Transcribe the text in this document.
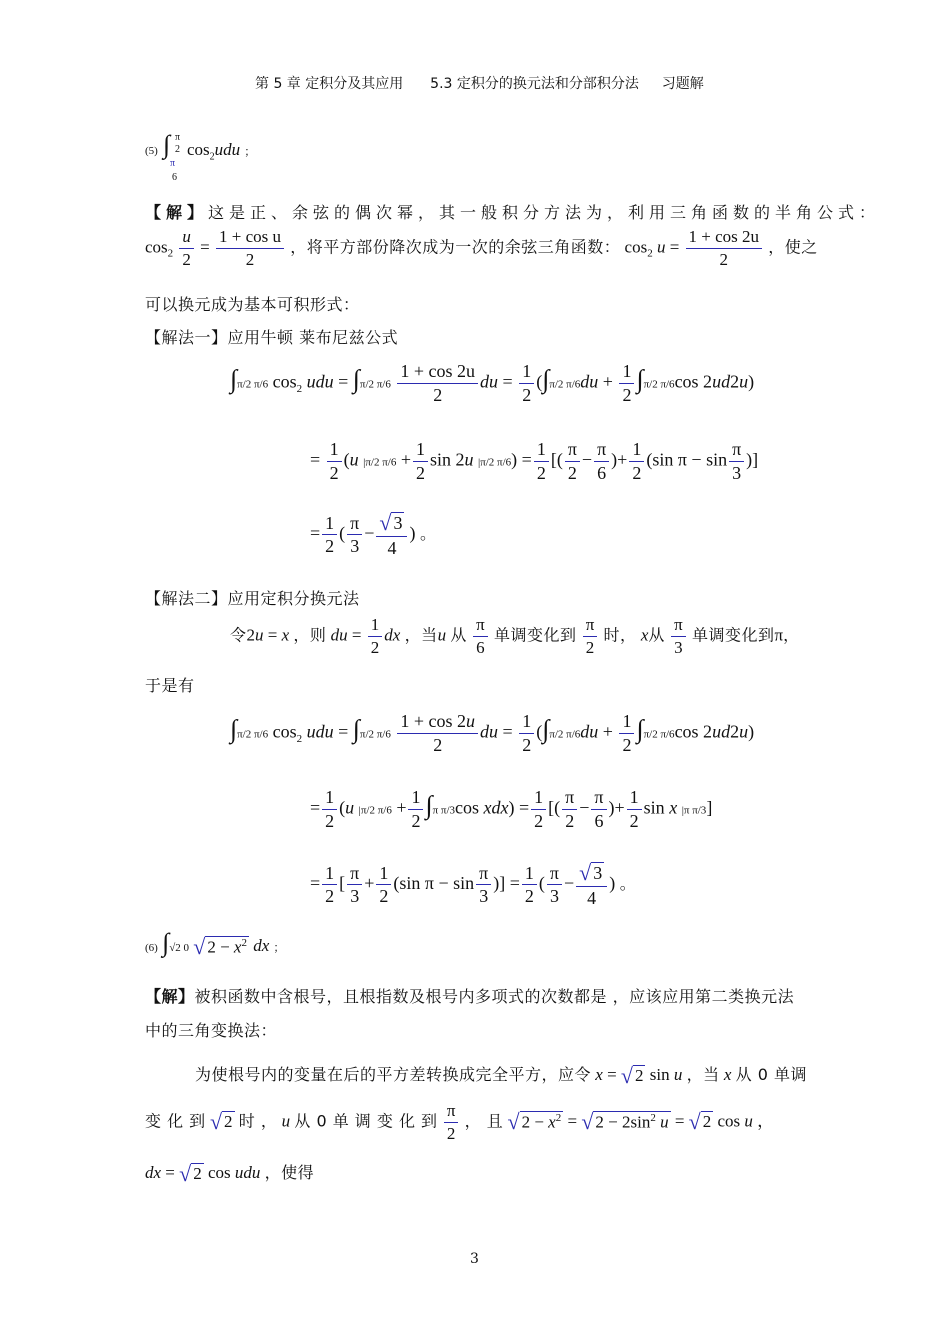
第 5 章 定积分及其应用 5.3 定积分的换元法和分部积分法 习题解
(5) ∫ π
2
π
6
$\cos_2udu$ ；
【解】这是正、余弦的偶次幂，其一般积分方法为，利用三角函数的半角公式：
$\cos_2 \frac{u}{2} = \frac{\text{1 + cos u}}{2}$ ，将平方部份降次成为一次的余弦三角函数： $\cos_2 u = \frac{1 + \cos 2u}{2}$ ，使之
可以换元成为基本可积形式：
【解法一】应用牛顿 莱布尼兹公式
∫π/2 π/6 $\cos_2$ udu = ∫π/2 $\pi/6 \frac{1 + \cos 2u}{2}$ du = $\frac{1}{2} (\int\pi/2$ $\pi/6du + \frac{1}{2} \int\pi/2$ π/6cos 2ud2u)
= $\frac{1}{2} (u$ |π/2 $\pi/6 + \frac{1}{2}$ sin 2u |π/2 $\pi/6) = \frac{1}{2}$ [( $\frac{\pi}{2} - \frac{\pi}{6}$ )+ $\frac{1}{2} (\sin$ $\pi - \sin \frac{\pi}{3}$ )]
= $\frac{1}{2}$ ( $\frac{\pi}{3} - \frac{√ 3}{4}$ ) 。
【解法二】应用定积分换元法
令2u = x ，则 du = $\frac{1}{2}$ dx ，当u 从 $\frac{\pi}{6}$ 单调变化到 $\frac{\pi}{2}$ 时， x从 $\frac{\pi}{3}$ 单调变化到π，
于是有
∫π/2 π/6 $\cos_2$ udu = ∫π/2 $\pi/6 \frac{1 + \cos 2u}{2}$ du = $\frac{1}{2} (\int\pi/2$ $\pi/6du + \frac{1}{2} \int\pi/2$ π/6cos 2ud2u)
= $\frac{1}{2} (u$ |π/2 $\pi/6 + \frac{1}{2} \int\pi$ π/3cos $xdx) = \frac{1}{2}$ [( $\frac{\pi}{2} - \frac{\pi}{6}$ )+ $\frac{1}{2}$ sin x |π π/3]
= $\frac{1}{2}$ [ $\frac{\pi}{3} + \frac{1}{2} (\sin$ $\pi - \sin \frac{\pi}{3}$ )] = $\frac{1}{2}$ ( $\frac{\pi}{3} - \frac{√ 3}{4}$ ) 。
(6) ∫√2 0 √ $2 - x^2$ dx ；
【解】被积函数中含根号，且根指数及根号内多项式的次数都是 ，应该应用第二类换元法
中的三角变换法：
为使根号内的变量在后的平方差转换成完全平方，应令 x = √ 2 sin u ，当 x 从 0 单调
变 化 到 √ 2 时 ， u 从 0 单 调 变 化 到 $\frac{\pi}{2}$ ， 且 √ $2 - x^2$ = √ $2 - 2\sin^2$ u = √ 2 cos u ，
dx = √ 2 cos udu ，使得
3
